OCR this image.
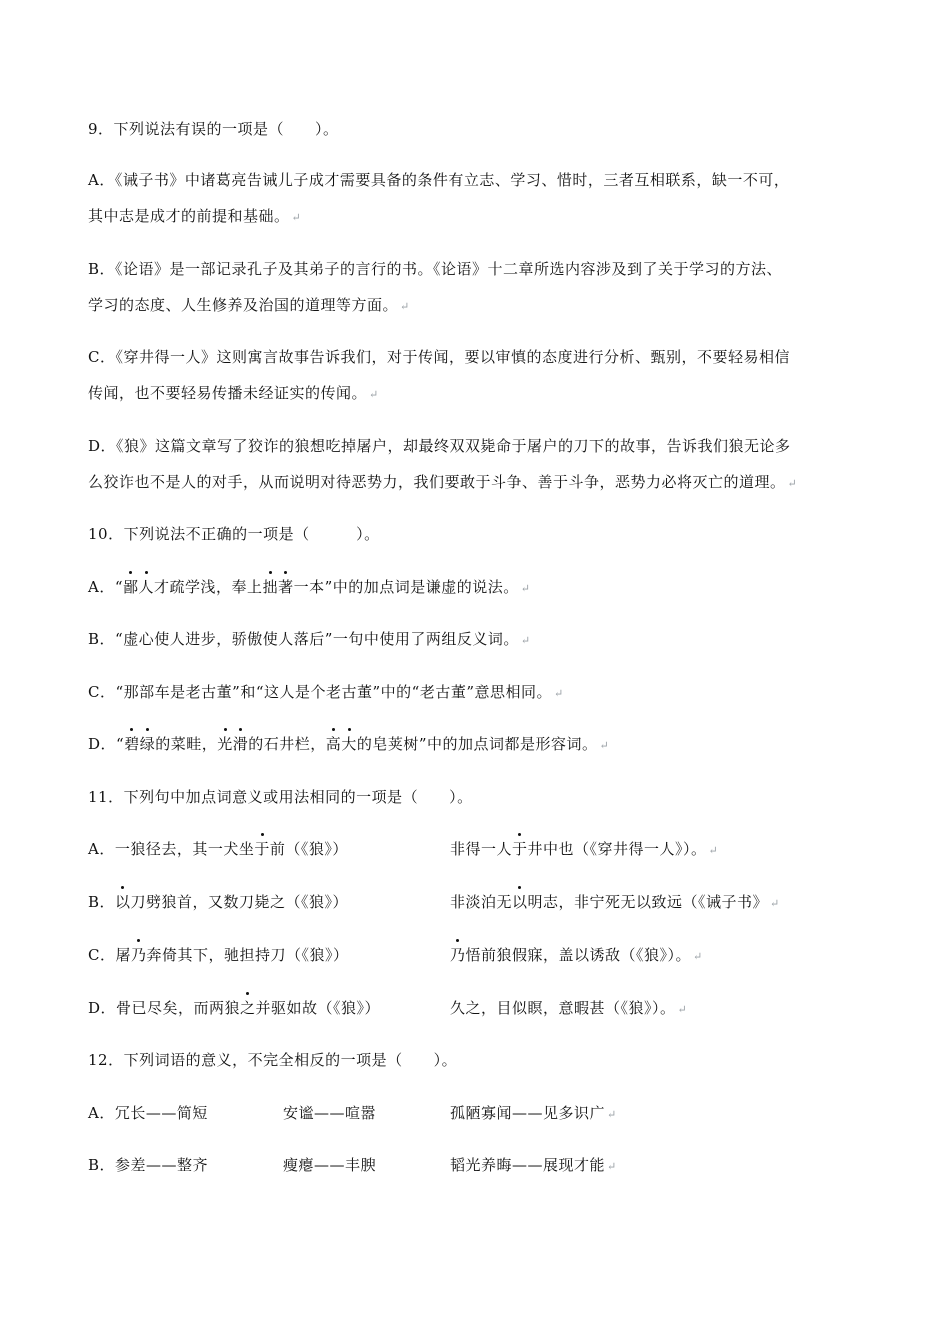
9．下列说法有误的一项是（　　）。
A．《诫子书》中诸葛亮告诫儿子成才需要具备的条件有立志、学习、惜时，三者互相联系，缺一不可，
其中志是成才的前提和基础。 ↵
B．《论语》是一部记录孔子及其弟子的言行的书。《论语》十二章所选内容涉及到了关于学习的方法、
学习的态度、人生修养及治国的道理等方面。 ↵
C．《穿井得一人》这则寓言故事告诉我们，对于传闻，要以审慎的态度进行分析、甄别，不要轻易相信
传闻，也不要轻易传播未经证实的传闻。 ↵
D．《狼》这篇文章写了狡诈的狼想吃掉屠户，却最终双双毙命于屠户的刀下的故事，告诉我们狼无论多
么狡诈也不是人的对手，从而说明对待恶势力，我们要敢于斗争、善于斗争，恶势力必将灭亡的道理。 ↵
10．下列说法不正确的一项是（　　　）。
A．“鄙人才疏学浅，奉上拙著一本”中的加点词是谦虚的说法。 ↵
B．“虚心使人进步，骄傲使人落后”一句中使用了两组反义词。 ↵
C．“那部车是老古董”和“这人是个老古董”中的“老古董”意思相同。 ↵
D．“碧绿的菜畦，光滑的石井栏，高大的皂荚树”中的加点词都是形容词。 ↵
11．下列句中加点词意义或用法相同的一项是（　　）。
A．一狼径去，其一犬坐于前（《狼》）	非得一人于井中也（《穿井得一人》）。 ↵
B．以刀劈狼首，又数刀毙之（《狼》）	非淡泊无以明志，非宁死无以致远（《诫子书》 ↵
C．屠乃奔倚其下，驰担持刀（《狼》）	乃悟前狼假寐，盖以诱敌（《狼》）。 ↵
D．骨已尽矣，而两狼之并驱如故（《狼》）	久之，目似瞑，意暇甚（《狼》）。 ↵
12．下列词语的意义，不完全相反的一项是（　　）。
A．冗长——简短	安谧——喧嚣	孤陋寡闻——见多识广 ↵
B．参差——整齐	瘦瘪——丰腴	韬光养晦——展现才能 ↵
